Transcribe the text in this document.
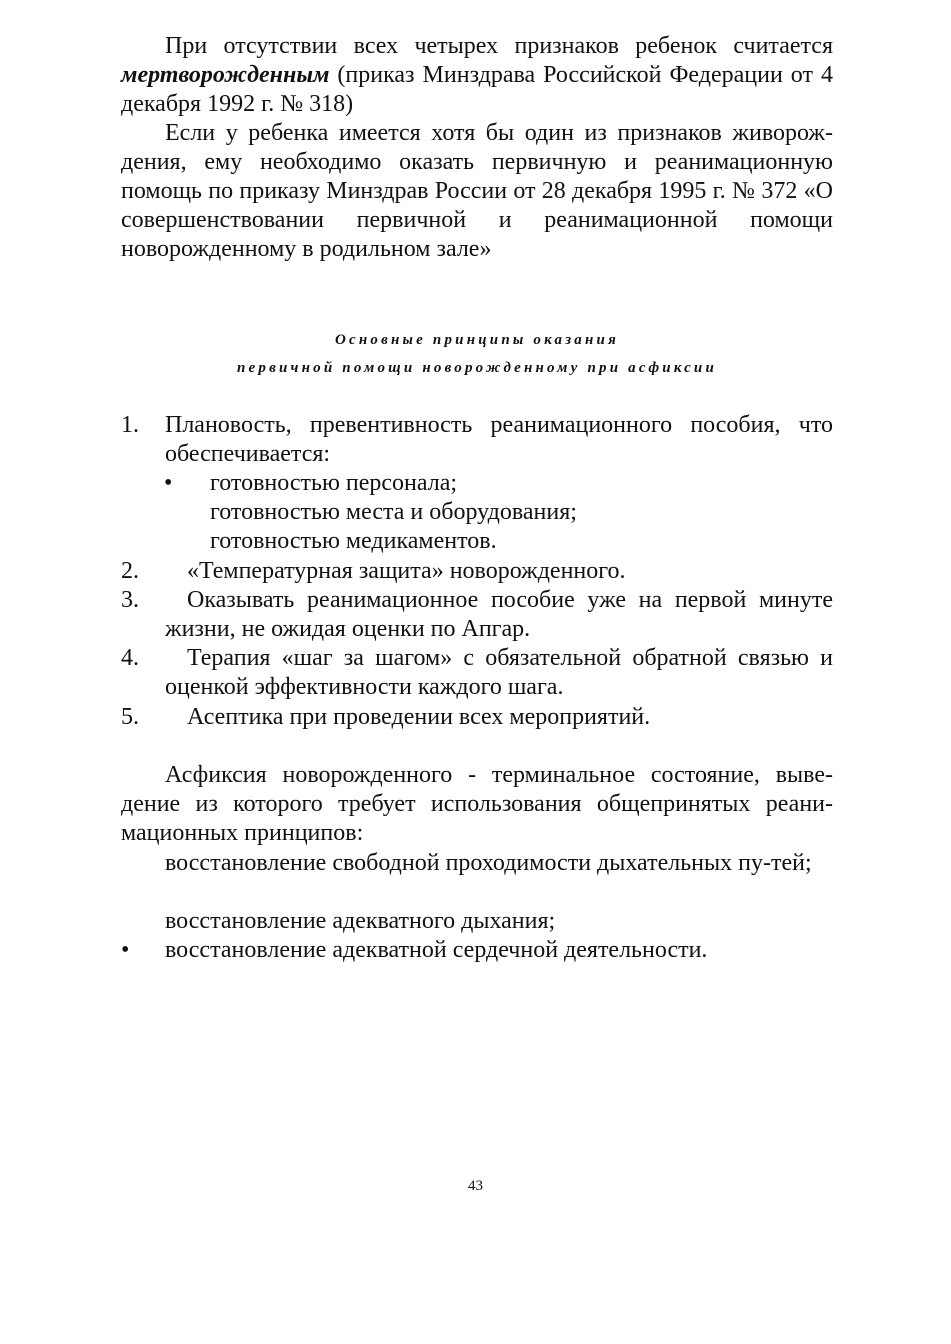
При отсутствии всех четырех признаков ребенок считается мертворожденным (приказ Минздрава Российской Федерации от 4 декабря 1992 г. № 318)

Если у ребенка имеется хотя бы один из признаков живорож-дения, ему необходимо оказать первичную и реанимационную помощь по приказу Минздрав России от 28 декабря 1995 г. № 372 «О совершенствовании первичной и реанимационной помощи новорожденному в родильном зале»

Основные принципы оказания

первичной помощи новорожденному при асфиксии

1. Плановость, превентивность реанимационного пособия, что обеспечивается:
• готовностью персонала;
готовностью места и оборудования;
готовностью медикаментов.
2.	«Температурная защита» новорожденного.
3.	Оказывать реанимационное пособие уже на первой минуте жизни, не ожидая оценки по Апгар.
4.	Терапия «шаг за шагом» с обязательной обратной связью и оценкой эффективности каждого шага.
5.	Асептика при проведении всех мероприятий.

Асфиксия новорожденного - терминальное состояние, выве-дение из которого требует использования общепринятых реани-мационных принципов:

восстановление свободной проходимости дыхательных пу-тей;
восстановление адекватного дыхания;
• восстановление адекватной сердечной деятельности.
43
